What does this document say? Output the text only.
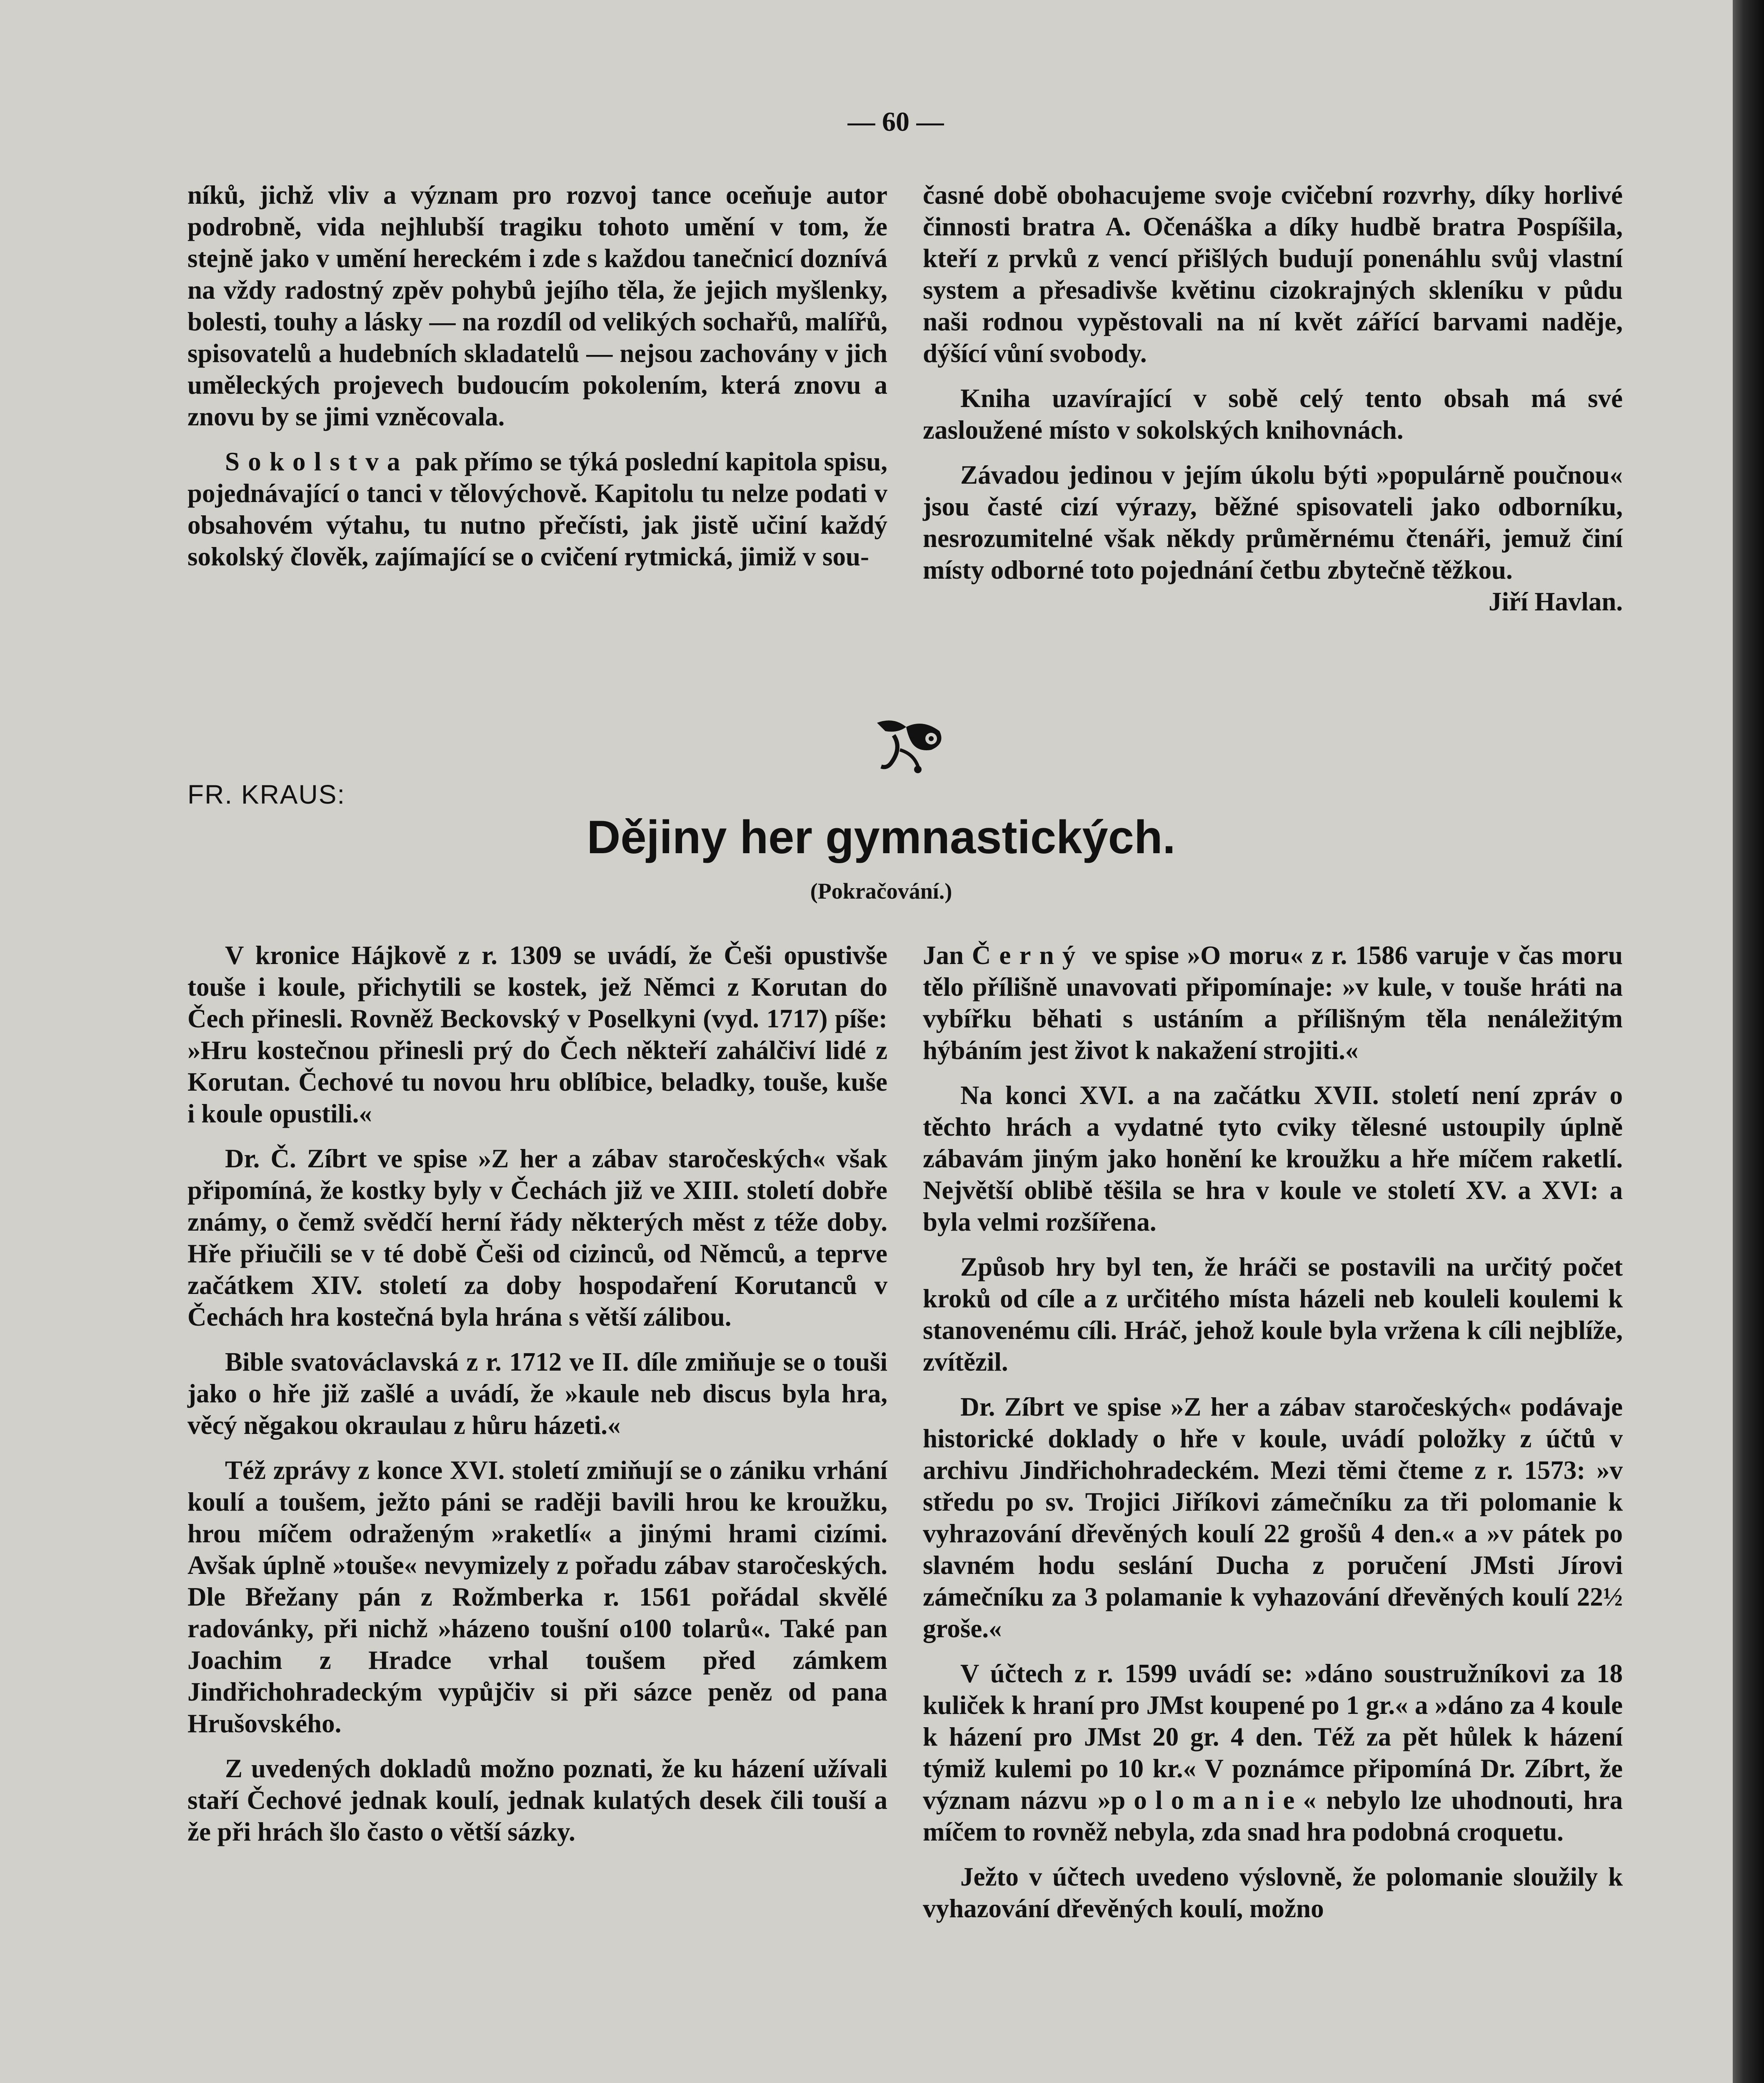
— 60 —

níků, jichž vliv a význam pro rozvoj tance oceňuje autor podrobně, vida nejhlubší tragiku tohoto umění v tom, že stejně jako v umění hereckém i zde s každou tanečnicí doznívá na vždy radostný zpěv pohybů jejího těla, že jejich myšlenky, bolesti, touhy a lásky — na rozdíl od velikých sochařů, malířů, spisovatelů a hudebních skladatelů — nejsou zachovány v jich uměleckých projevech budoucím pokolením, která znovu a znovu by se jimi vzněcovala.

Sokolstva pak přímo se týká poslední kapitola spisu, pojednávající o tanci v tělovýchově. Kapitolu tu nelze podati v obsahovém výtahu, tu nutno přečísti, jak jistě učiní každý sokolský člověk, zajímající se o cvičení rytmická, jimiž v sou-

časné době obohacujeme svoje cvičební rozvrhy, díky horlivé činnosti bratra A. Očenáška a díky hudbě bratra Pospíšila, kteří z prvků z vencí přišlých budují ponenáhlu svůj vlastní system a přesadivše květinu cizokrajných skleníku v půdu naši rodnou vypěstovali na ní květ zářící barvami naděje, dýšící vůní svobody.

Kniha uzavírající v sobě celý tento obsah má své zasloužené místo v sokolských knihovnách.

Závadou jedinou v jejím úkolu býti »populárně poučnou« jsou časté cizí výrazy, běžné spisovateli jako odborníku, nesrozumitelné však někdy průměrnému čtenáři, jemuž činí místy odborné toto pojednání četbu zbytečně těžkou.
Jiří Havlan.

FR. KRAUS:
Dějiny her gymnastických.
(Pokračování.)

V kronice Hájkově z r. 1309 se uvádí, že Češi opustivše touše i koule, přichytili se kostek, jež Němci z Korutan do Čech přinesli. Rovněž Beckovský v Poselkyni (vyd. 1717) píše: »Hru kostečnou přinesli prý do Čech někteří zahálčiví lidé z Korutan. Čechové tu novou hru oblíbice, beladky, touše, kuše i koule opustili.«

Dr. Č. Zíbrt ve spise »Z her a zábav staročeských« však připomíná, že kostky byly v Čechách již ve XIII. století dobře známy, o čemž svědčí herní řády některých měst z téže doby. Hře přiučili se v té době Češi od cizinců, od Němců, a teprve začátkem XIV. století za doby hospodaření Korutanců v Čechách hra kostečná byla hrána s větší zálibou.

Bible svatováclavská z r. 1712 ve II. díle zmiňuje se o touši jako o hře již zašlé a uvádí, že »kaule neb discus byla hra, věcý něgakou okraulau z hůru házeti.«

Též zprávy z konce XVI. století zmiňují se o zániku vrhání koulí a toušem, ježto páni se raději bavili hrou ke kroužku, hrou míčem odraženým »raketlí« a jinými hrami cizími. Avšak úplně »touše« nevymizely z pořadu zábav staročeských. Dle Břežany pán z Rožmberka r. 1561 pořádal skvělé radovánky, při nichž »házeno toušní o100 tolarů«. Také pan Joachim z Hradce vrhal toušem před zámkem Jindřichohradeckým vypůjčiv si při sázce peněz od pana Hrušovského.

Z uvedených dokladů možno poznati, že ku házení užívali staří Čechové jednak koulí, jednak kulatých desek čili touší a že při hrách šlo často o větší sázky.

Jan Černý ve spise »O moru« z r. 1586 varuje v čas moru tělo přílišně unavovati připomínaje: »v kule, v touše hráti na vybířku běhati s ustáním a přílišným těla nenáležitým hýbáním jest život k nakažení strojiti.«

Na konci XVI. a na začátku XVII. století není zpráv o těchto hrách a vydatné tyto cviky tělesné ustoupily úplně zábavám jiným jako honění ke kroužku a hře míčem raketlí. Největší oblibě těšila se hra v koule ve století XV. a XVI: a byla velmi rozšířena.

Způsob hry byl ten, že hráči se postavili na určitý počet kroků od cíle a z určitého místa házeli neb kouleli koulemi k stanovenému cíli. Hráč, jehož koule byla vržena k cíli nejblíže, zvítězil.

Dr. Zíbrt ve spise »Z her a zábav staročeských« podávaje historické doklady o hře v koule, uvádí položky z účtů v archivu Jindřichohradeckém. Mezi těmi čteme z r. 1573: »v středu po sv. Trojici Jiříkovi zámečníku za tři polomanie k vyhrazování dřevěných koulí 22 grošů 4 den.« a »v pátek po slavném hodu seslání Ducha z poručení JMsti Jírovi zámečníku za 3 polamanie k vyhazování dřevěných koulí 22½ groše.«

V účtech z r. 1599 uvádí se: »dáno soustružníkovi za 18 kuliček k hraní pro JMst koupené po 1 gr.« a »dáno za 4 koule k házení pro JMst 20 gr. 4 den. Též za pět hůlek k házení týmiž kulemi po 10 kr.« V poznámce připomíná Dr. Zíbrt, že význam názvu »polomanie« nebylo lze uhodnouti, hra míčem to rovněž nebyla, zda snad hra podobná croquetu.

Ježto v účtech uvedeno výslovně, že polomanie sloužily k vyhazování dřevěných koulí, možno
